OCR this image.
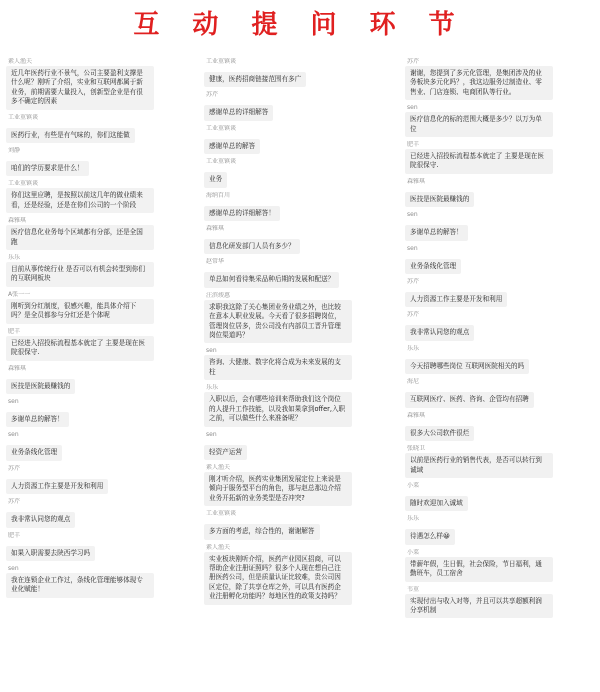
互 动 提 问 环 节
素人渔夫
近几年医药行业不景气，公司主要盈利支撑是什么呢？刚听了介绍，实业和互联网都属于新业务，前期需要大量投入，创新型企业是有很多不确定的因素
工业重镇谈
医药行业，有些是有气味的，你们这能做
刘静
咱们的学历要求是什么！
工业重镇谈
你们这里应聘，是按照以前这几年的做业绩来看，还是经验，还是在你们公司的一个阶段
森雅琪
医疗信息化业务每个区域都有分部，还是全国跑
乐乐
目前从事传统行业 是否可以有机会转型到你们的互联网板块
A张一一
刚听到分红制度，很感兴趣，能具体介绍下吗？是全员都参与分红还是个体呢
肥羊
已经进入招投标流程基本就定了 主要是现在医院很保守.
森雅琪
医技是医院最赚钱的
sen
多谢单总的解答！
sen
业务条线化管理
苏芹
人力资源工作主要是开发和利用
苏芹
我非常认同您的观点
肥羊
如果入职需要去陕西学习吗
sen
我在连锁企业工作过，条线化管理能够体现专业化赋能！
工业重镇谈
健康，医药招商链接范围有多广
苏芹
感谢单总的详细解答
工业重镇谈
感谢单总的解答
工业重镇谈
业务
海纳百川
感谢单总的详细解答！
森雅琪
信息化研发部门人员有多少？
赵常华
单总如何看待集采品种后期的发展和配送？
汪滨竣惠
求职我这除了关心集团业务业绩之外，也比较在意本人职业发展。今天看了很多招聘岗位，管理岗位居多，贵公司没有内部员工晋升管理岗位渠道吗？
sen
咨询、大健康、数字化将合成为未来发展的支柱
乐乐
入职以后，会有哪些培训来帮助我们这个岗位的人提升工作技能，以及我如果拿到offer,入职之前，可以做些什么来准备呢？
sen
轻资产运营
素人渔夫
刚才听介绍，医药实业集团发展定位上来说是倾向于服务型平台的角色，那与赵总那边介绍业务开拓新的业务类型是否冲突?
工业重镇谈
多方面的考虑，综合性的，谢谢解答
素人渔夫
实业板块刚听介绍，医药产业园区招商，可以帮助企业注册证照吗？很多个人现在想自己注册医药公司，但是质量认证比较难，贵公司因区定位，除了共享仓库之外，可以具有医药企业注册孵化功能吗？每地区性的政策支持吗？
苏芹
谢谢，您提到了多元化管理，是集团涉及的业务板块多元化吗？，我这边服务过制造业、零售业、门店连锁、电商团队等行业。
sen
医疗信息化的标的范围大概是多少？以万为单位
肥羊
已经进入招投标流程基本就定了 主要是现在医院很保守.
森雅琪
医技是医院最赚钱的
sen
多谢单总的解答！
sen
业务条线化管理
苏芹
人力资源工作主要是开发和利用
苏芹
我非常认同您的观点
乐乐
今天招聘哪些岗位 互联网医院相关的吗
海尼
互联网医疗、医药、咨询、企管均有招聘
森雅琪
很多大公司软件很烂
张晓卫
以前是医药行业的销售代表，是否可以转行到诚域
小菜
随时欢迎加入诚域
乐乐
待遇怎么样😀
小菜
带薪年假，生日假，社会保险，节日福利，通勤班车，员工宿舍
韦重
实现付出与收入对等，并且可以共享超额利润分享机制
